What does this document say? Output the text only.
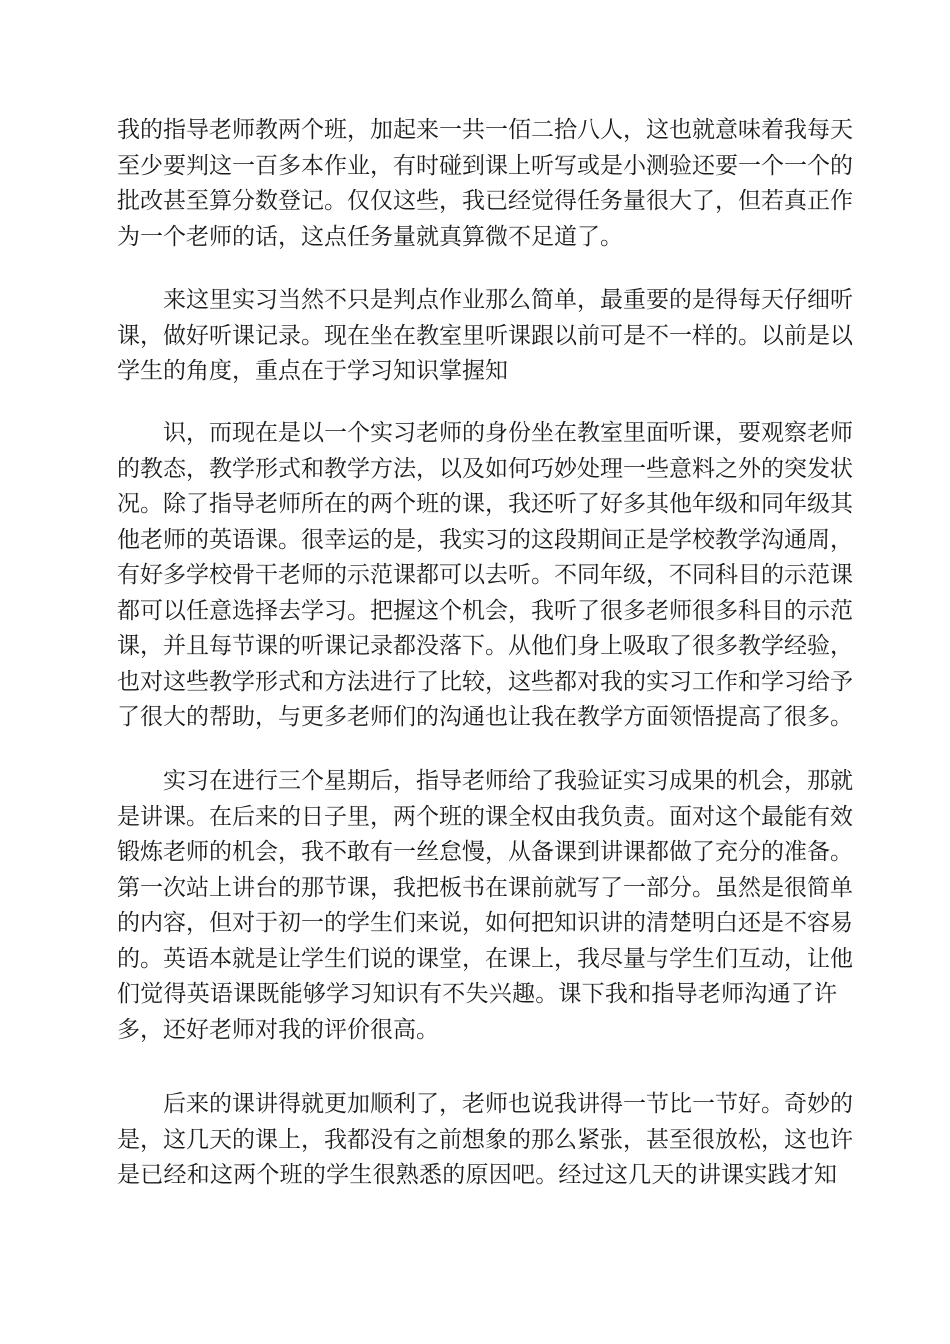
我的指导老师教两个班，加起来一共一佰二拾八人，这也就意味着我每天
至少要判这一百多本作业，有时碰到课上听写或是小测验还要一个一个的
批改甚至算分数登记。仅仅这些，我已经觉得任务量很大了，但若真正作
为一个老师的话，这点任务量就真算微不足道了。
来这里实习当然不只是判点作业那么简单，最重要的是得每天仔细听
课，做好听课记录。现在坐在教室里听课跟以前可是不一样的。以前是以
学生的角度，重点在于学习知识掌握知
识，而现在是以一个实习老师的身份坐在教室里面听课，要观察老师
的教态，教学形式和教学方法，以及如何巧妙处理一些意料之外的突发状
况。除了指导老师所在的两个班的课，我还听了好多其他年级和同年级其
他老师的英语课。很幸运的是，我实习的这段期间正是学校教学沟通周，
有好多学校骨干老师的示范课都可以去听。不同年级，不同科目的示范课
都可以任意选择去学习。把握这个机会，我听了很多老师很多科目的示范
课，并且每节课的听课记录都没落下。从他们身上吸取了很多教学经验，
也对这些教学形式和方法进行了比较，这些都对我的实习工作和学习给予
了很大的帮助，与更多老师们的沟通也让我在教学方面领悟提高了很多。
实习在进行三个星期后，指导老师给了我验证实习成果的机会，那就
是讲课。在后来的日子里，两个班的课全权由我负责。面对这个最能有效
锻炼老师的机会，我不敢有一丝怠慢，从备课到讲课都做了充分的准备。
第一次站上讲台的那节课，我把板书在课前就写了一部分。虽然是很简单
的内容，但对于初一的学生们来说，如何把知识讲的清楚明白还是不容易
的。英语本就是让学生们说的课堂，在课上，我尽量与学生们互动，让他
们觉得英语课既能够学习知识有不失兴趣。课下我和指导老师沟通了许
多，还好老师对我的评价很高。
后来的课讲得就更加顺利了，老师也说我讲得一节比一节好。奇妙的
是，这几天的课上，我都没有之前想象的那么紧张，甚至很放松，这也许
是已经和这两个班的学生很熟悉的原因吧。经过这几天的讲课实践才知
